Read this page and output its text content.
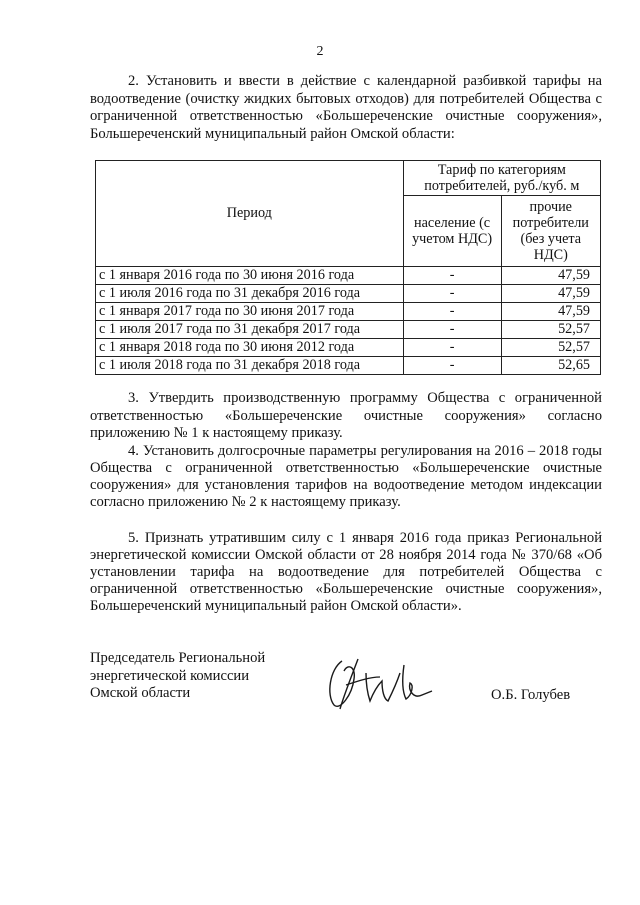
2

2. Установить и ввести в действие с календарной разбивкой тарифы на водоотведение (очистку жидких бытовых отходов) для потребителей Общества с ограниченной ответственностью «Большереченские очистные сооружения», Большереченский муниципальный район Омской области:

Период	Тариф по категориям потребителей, руб./куб. м	
	население (с учетом НДС)	прочие потребители (без учета НДС)
с 1 января 2016 года по 30 июня 2016 года	-	47,59
с 1 июля 2016 года по 31 декабря 2016 года	-	47,59
с 1 января 2017 года по 30 июня 2017 года	-	47,59
с 1 июля 2017 года по 31 декабря 2017 года	-	52,57
с 1 января 2018 года по 30 июня 2012 года	-	52,57
с 1 июля 2018 года по 31 декабря 2018 года	-	52,65

3. Утвердить производственную программу Общества с ограниченной ответственностью «Большереченские очистные сооружения» согласно приложению № 1 к настоящему приказу.

4. Установить долгосрочные параметры регулирования на 2016 – 2018 годы Общества с ограниченной ответственностью «Большереченские очистные сооружения» для установления тарифов на водоотведение методом индексации согласно приложению № 2 к настоящему приказу.

5. Признать утратившим силу с 1 января 2016 года приказ Региональной энергетической комиссии Омской области от 28 ноября 2014 года № 370/68 «Об установлении тарифа на водоотведение для потребителей Общества с ограниченной ответственностью «Большереченские очистные сооружения», Большереченский муниципальный район Омской области».

Председатель Региональной
энергетической комиссии
Омской области	О.Б. Голубев
